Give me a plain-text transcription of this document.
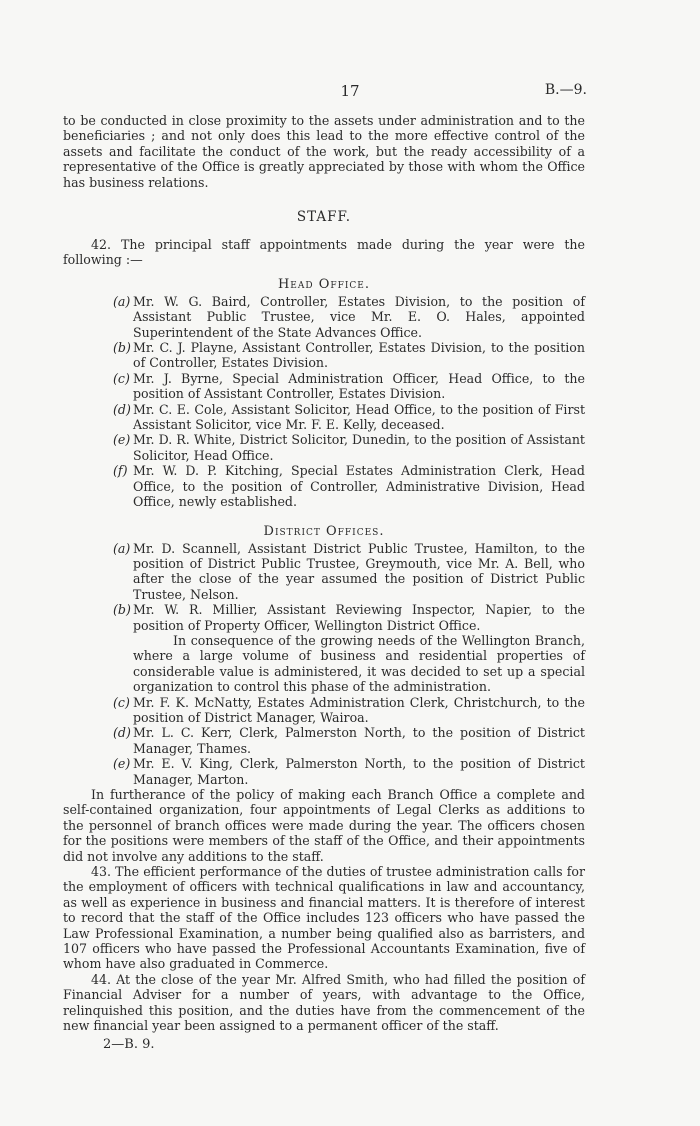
17	B.—9.

to be conducted in close proximity to the assets under administration and to the beneficiaries ; and not only does this lead to the more effective control of the assets and facilitate the conduct of the work, but the ready accessibility of a representative of the Office is greatly appreciated by those with whom the Office has business relations.

STAFF.

42. The principal staff appointments made during the year were the following :—

Head Office.

(a) Mr. W. G. Baird, Controller, Estates Division, to the position of Assistant Public Trustee, vice Mr. E. O. Hales, appointed Superintendent of the State Advances Office.

(b) Mr. C. J. Playne, Assistant Controller, Estates Division, to the position of Controller, Estates Division.

(c) Mr. J. Byrne, Special Administration Officer, Head Office, to the position of Assistant Controller, Estates Division.

(d) Mr. C. E. Cole, Assistant Solicitor, Head Office, to the position of First Assistant Solicitor, vice Mr. F. E. Kelly, deceased.

(e) Mr. D. R. White, District Solicitor, Dunedin, to the position of Assistant Solicitor, Head Office.

(f) Mr. W. D. P. Kitching, Special Estates Administration Clerk, Head Office, to the position of Controller, Administrative Division, Head Office, newly established.

District Offices.

(a) Mr. D. Scannell, Assistant District Public Trustee, Hamilton, to the position of District Public Trustee, Greymouth, vice Mr. A. Bell, who after the close of the year assumed the position of District Public Trustee, Nelson.

(b) Mr. W. R. Millier, Assistant Reviewing Inspector, Napier, to the position of Property Officer, Wellington District Office.

In consequence of the growing needs of the Wellington Branch, where a large volume of business and residential properties of considerable value is administered, it was decided to set up a special organization to control this phase of the administration.

(c) Mr. F. K. McNatty, Estates Administration Clerk, Christchurch, to the position of District Manager, Wairoa.

(d) Mr. L. C. Kerr, Clerk, Palmerston North, to the position of District Manager, Thames.

(e) Mr. E. V. King, Clerk, Palmerston North, to the position of District Manager, Marton.

In furtherance of the policy of making each Branch Office a complete and self-contained organization, four appointments of Legal Clerks as additions to the personnel of branch offices were made during the year. The officers chosen for the positions were members of the staff of the Office, and their appointments did not involve any additions to the staff.

43. The efficient performance of the duties of trustee administration calls for the employment of officers with technical qualifications in law and accountancy, as well as experience in business and financial matters. It is therefore of interest to record that the staff of the Office includes 123 officers who have passed the Law Professional Examination, a number being qualified also as barristers, and 107 officers who have passed the Professional Accountants Examination, five of whom have also graduated in Commerce.

44. At the close of the year Mr. Alfred Smith, who had filled the position of Financial Adviser for a number of years, with advantage to the Office, relinquished this position, and the duties have from the commencement of the new financial year been assigned to a permanent officer of the staff.

2—B. 9.
